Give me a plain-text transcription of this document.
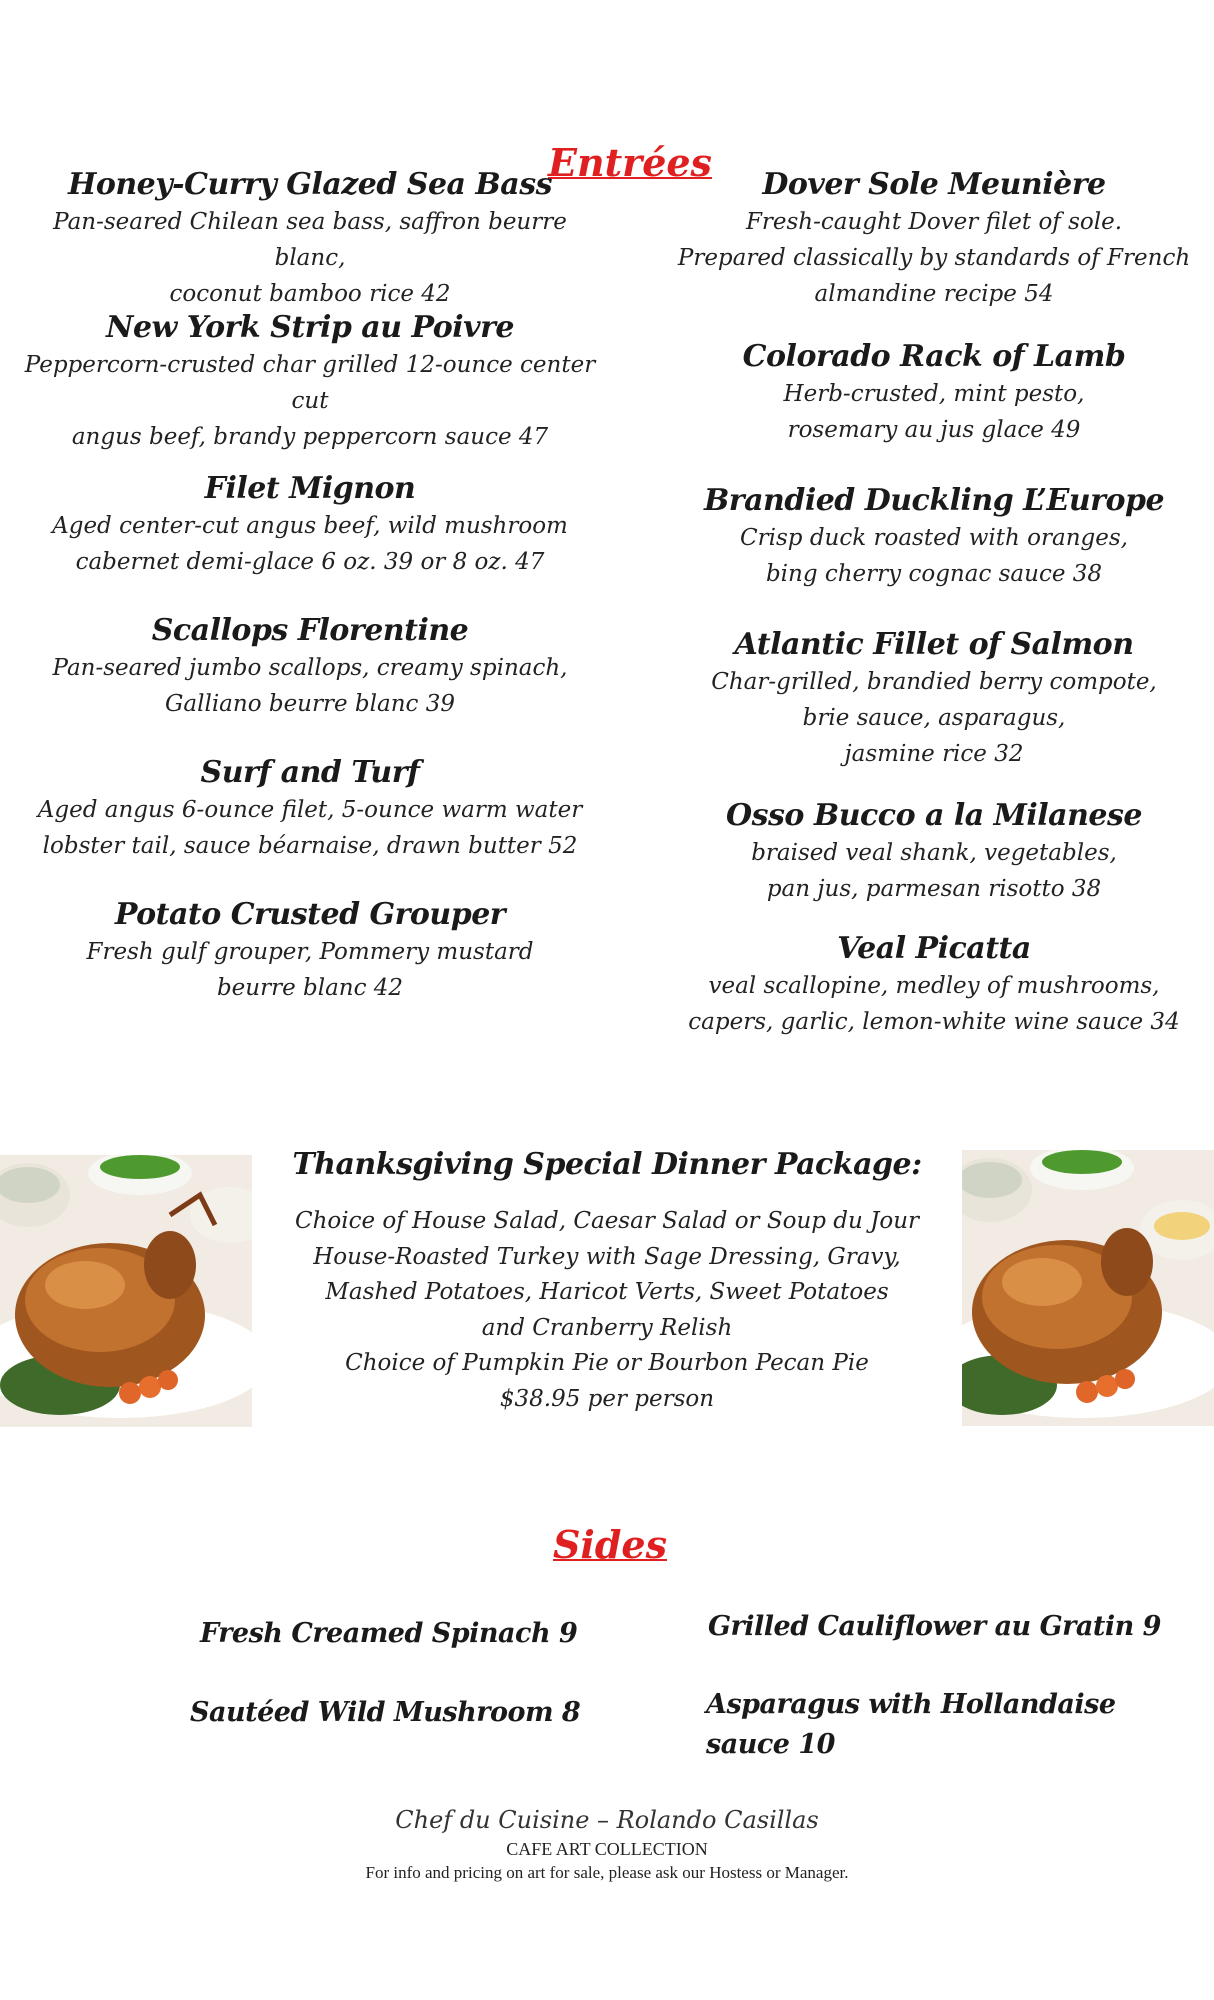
Entrées
Honey-Curry Glazed Sea Bass
Pan-seared Chilean sea bass, saffron beurre blanc,
coconut bamboo rice 42
New York Strip au Poivre
Peppercorn-crusted char grilled 12-ounce center cut
angus beef, brandy peppercorn sauce 47
Filet Mignon
Aged center-cut angus beef, wild mushroom
cabernet demi-glace 6 oz. 39 or 8 oz. 47
Scallops Florentine
Pan-seared jumbo scallops, creamy spinach,
Galliano beurre blanc 39
Surf and Turf
Aged angus 6-ounce filet, 5-ounce warm water
lobster tail, sauce béarnaise, drawn butter 52
Potato Crusted Grouper
Fresh gulf grouper, Pommery mustard
beurre blanc 42
Dover Sole Meunière
Fresh-caught Dover filet of sole.
Prepared classically by standards of French
almandine recipe 54
Colorado Rack of Lamb
Herb-crusted, mint pesto,
rosemary au jus glace 49
Brandied Duckling L’Europe
Crisp duck roasted with oranges,
bing cherry cognac sauce 38
Atlantic Fillet of Salmon
Char-grilled, brandied berry compote,
brie sauce, asparagus,
jasmine rice 32
Osso Bucco a la Milanese
braised veal shank, vegetables,
pan jus, parmesan risotto 38
Veal Picatta
veal scallopine, medley of mushrooms,
capers, garlic, lemon-white wine sauce 34
Thanksgiving Special Dinner Package:
Choice of House Salad, Caesar Salad or Soup du Jour
House-Roasted Turkey with Sage Dressing, Gravy,
Mashed Potatoes, Haricot Verts, Sweet Potatoes
and Cranberry Relish
Choice of Pumpkin Pie or Bourbon Pecan Pie
$38.95 per person
Sides
Fresh Creamed Spinach 9	Grilled Cauliflower au Gratin 9
Sautéed Wild Mushroom 8	Asparagus with Hollandaise
sauce 10
Chef du Cuisine – Rolando Casillas
CAFE ART COLLECTION
For info and pricing on art for sale, please ask our Hostess or Manager.
